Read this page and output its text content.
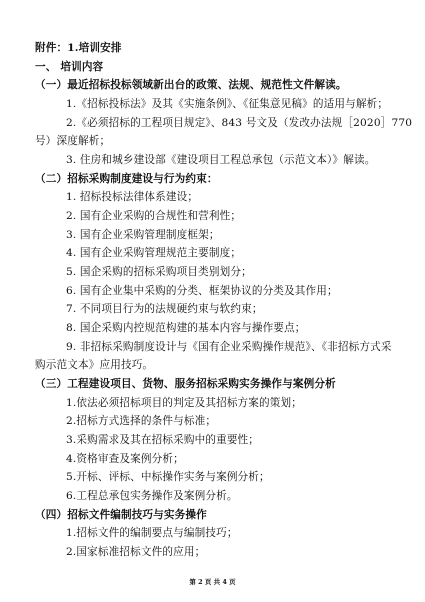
附件：1.培训安排
一、 培训内容
（一）最近招标投标领域新出台的政策、法规、规范性文件解读。
1.《招标投标法》及其《实施条例》、《征集意见稿》的适用与解析；
2.《必须招标的工程项目规定》、843 号文及（发改办法规［2020］770
号）深度解析；
3. 住房和城乡建设部《建设项目工程总承包（示范文本）》解读。
（二）招标采购制度建设与行为约束：
1. 招标投标法律体系建设；
2. 国有企业采购的合规性和营利性；
3. 国有企业采购管理制度框架；
4. 国有企业采购管理规范主要制度；
5. 国企采购的招标采购项目类别划分；
6. 国有企业集中采购的分类、框架协议的分类及其作用；
7. 不同项目行为的法规硬约束与软约束；
8. 国企采购内控规范构建的基本内容与操作要点；
9. 非招标采购制度设计与《国有企业采购操作规范》、《非招标方式采
购示范文本》应用技巧。
（三）工程建设项目、货物、服务招标采购实务操作与案例分析
1.依法必须招标项目的判定及其招标方案的策划；
2.招标方式选择的条件与标准；
3.采购需求及其在招标采购中的重要性；
4.资格审查及案例分析；
5.开标、评标、中标操作实务与案例分析；
6.工程总承包实务操作及案例分析。
（四）招标文件编制技巧与实务操作
1.招标文件的编制要点与编制技巧；
2.国家标准招标文件的应用；
第 2 页 共 4 页
